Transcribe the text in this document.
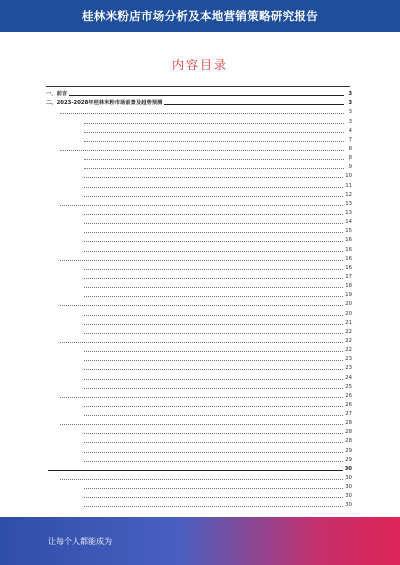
桂林米粉店市场分析及本地营销策略研究报告
内容目录
一、前言	3
二、2023-2028年桂林米粉市场前景及趋势预测	3
3
3
4
7
8
8
9
10
11
12
13
13
14
15
16
16
16
16
17
18
19
20
20
21
22
22
22
23
23
24
25
26
26
27
28
28
28
29
29
30
30
30
30
30
让每个人都能成为
